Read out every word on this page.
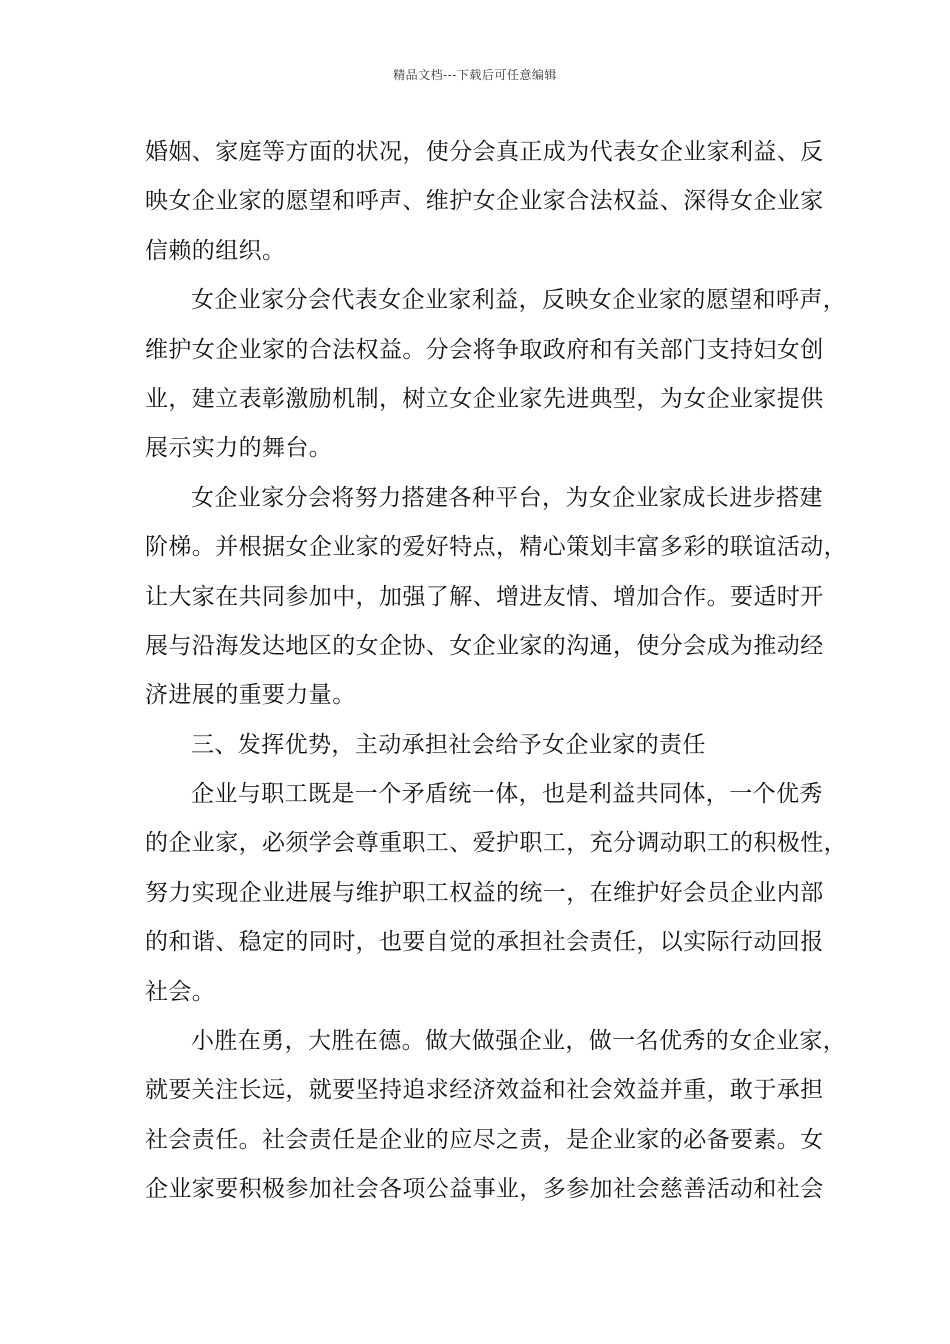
精品文档---下载后可任意编辑
婚姻、家庭等方面的状况，使分会真正成为代表女企业家利益、反
映女企业家的愿望和呼声、维护女企业家合法权益、深得女企业家
信赖的组织。
女企业家分会代表女企业家利益，反映女企业家的愿望和呼声，
维护女企业家的合法权益。分会将争取政府和有关部门支持妇女创
业，建立表彰激励机制，树立女企业家先进典型，为女企业家提供
展示实力的舞台。
女企业家分会将努力搭建各种平台，为女企业家成长进步搭建
阶梯。并根据女企业家的爱好特点，精心策划丰富多彩的联谊活动，
让大家在共同参加中，加强了解、增进友情、增加合作。要适时开
展与沿海发达地区的女企协、女企业家的沟通，使分会成为推动经
济进展的重要力量。
三、发挥优势，主动承担社会给予女企业家的责任
企业与职工既是一个矛盾统一体，也是利益共同体，一个优秀
的企业家，必须学会尊重职工、爱护职工，充分调动职工的积极性，
努力实现企业进展与维护职工权益的统一，在维护好会员企业内部
的和谐、稳定的同时，也要自觉的承担社会责任，以实际行动回报
社会。
小胜在勇，大胜在德。做大做强企业，做一名优秀的女企业家，
就要关注长远，就要坚持追求经济效益和社会效益并重，敢于承担
社会责任。社会责任是企业的应尽之责，是企业家的必备要素。女
企业家要积极参加社会各项公益事业，多参加社会慈善活动和社会
